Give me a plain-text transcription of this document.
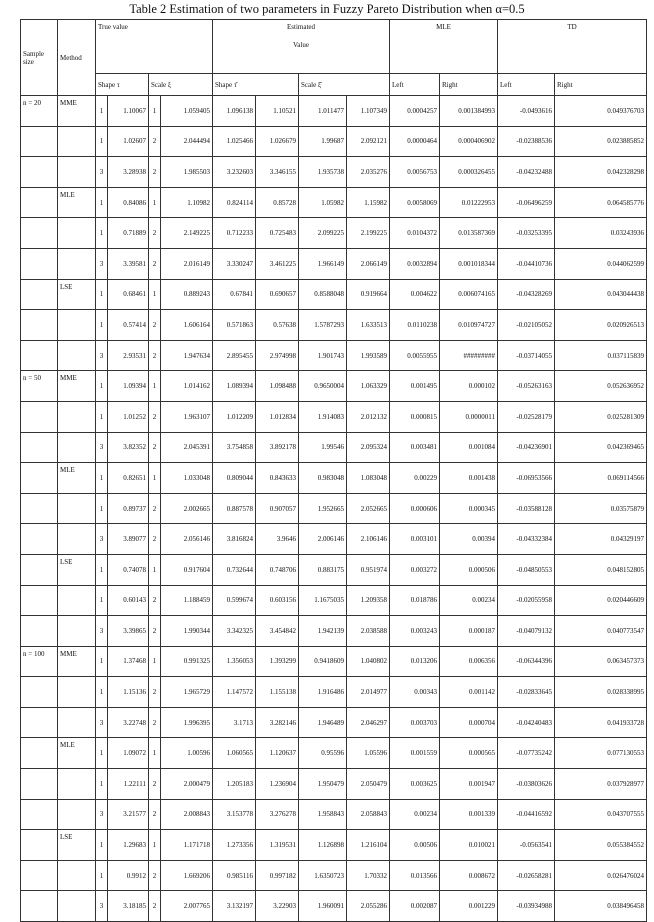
Table 2 Estimation of two parameters in Fuzzy Pareto Distribution when α=0.5
Sample size	Method	True value				Estimated
Value				MLE		TD	
		Shape τ		Scale ξ		Shape τ̂		Scale ξ̂		Left	Right	Left	Right
n = 20	MME	1	1.10067	1	1.059405	1.096138	1.10521	1.011477	1.107349	0.0004257	0.001384993	-0.0493616	0.049376703
		1	1.02607	2	2.044494	1.025466	1.026679	1.99687	2.092121	0.0000464	0.000406902	-0.02388536	0.023885852
		3	3.28938	2	1.985503	3.232603	3.346155	1.935738	2.035276	0.0056753	0.000326455	-0.04232488	0.042328298
	MLE	1	0.84086	1	1.10982	0.824114	0.85728	1.05982	1.15982	0.0058069	0.01222953	-0.06496259	0.064585776
		1	0.71889	2	2.149225	0.712233	0.725483	2.099225	2.199225	0.0104372	0.013587369	-0.03253395	0.03243936
		3	3.39581	2	2.016149	3.330247	3.461225	1.966149	2.066149	0.0032894	0.001018344	-0.04410736	0.044062599
	LSE	1	0.68461	1	0.889243	0.67841	0.690657	0.8588048	0.919664	0.004622	0.006074165	-0.04328269	0.043044438
		1	0.57414	2	1.606164	0.571863	0.57638	1.5787293	1.633513	0.0110238	0.010974727	-0.02105052	0.020926513
		3	2.93531	2	1.947634	2.895455	2.974998	1.901743	1.993589	0.0055955	#########	-0.03714055	0.037115839
n = 50	MME	1	1.09394	1	1.014162	1.089394	1.098488	0.9650004	1.063329	0.001495	0.000102	-0.05263163	0.052636952
		1	1.01252	2	1.963107	1.012209	1.012834	1.914083	2.012132	0.000815	0.0000011	-0.02528179	0.025281309
		3	3.82352	2	2.045391	3.754858	3.892178	1.99546	2.095324	0.003481	0.001084	-0.04236901	0.042369465
	MLE	1	0.82651	1	1.033048	0.809044	0.843633	0.983048	1.083048	0.00229	0.001438	-0.06953566	0.069114566
		1	0.89737	2	2.002665	0.887578	0.907057	1.952665	2.052665	0.000606	0.000345	-0.03588128	0.03575879
		3	3.89077	2	2.056146	3.816824	3.9646	2.006146	2.106146	0.003101	0.00394	-0.04332384	0.04329197
	LSE	1	0.74078	1	0.917604	0.732644	0.748706	0.883175	0.951974	0.003272	0.000506	-0.04850553	0.048152805
		1	0.60143	2	1.188459	0.599674	0.603156	1.1675035	1.209358	0.018786	0.00234	-0.02055958	0.020446609
		3	3.39865	2	1.990344	3.342325	3.454842	1.942139	2.038588	0.003243	0.000187	-0.04079132	0.040773547
n = 100	MME	1	1.37468	1	0.991325	1.356053	1.393299	0.9418609	1.040802	0.013206	0.006356	-0.06344396	0.063457373
		1	1.15136	2	1.965729	1.147572	1.155138	1.916486	2.014977	0.00343	0.001142	-0.02833645	0.028338995
		3	3.22748	2	1.996395	3.1713	3.282146	1.946489	2.046297	0.003703	0.000704	-0.04240483	0.041933728
	MLE	1	1.09072	1	1.00596	1.060565	1.120637	0.95596	1.05596	0.001559	0.000565	-0.07735242	0.077130553
		1	1.22111	2	2.000479	1.205183	1.236904	1.950479	2.050479	0.003625	0.001947	-0.03803626	0.037928977
		3	3.21577	2	2.008843	3.153778	3.276278	1.958843	2.058843	0.00234	0.001339	-0.04416592	0.043707555
	LSE	1	1.29683	1	1.171718	1.273356	1.319531	1.126898	1.216104	0.00506	0.010021	-0.0563541	0.055384552
		1	0.9912	2	1.669206	0.985116	0.997182	1.6350723	1.70332	0.013566	0.008672	-0.02658281	0.026476024
		3	3.18185	2	2.007765	3.132197	3.22903	1.960091	2.055286	0.002087	0.001229	-0.03934988	0.038496458
